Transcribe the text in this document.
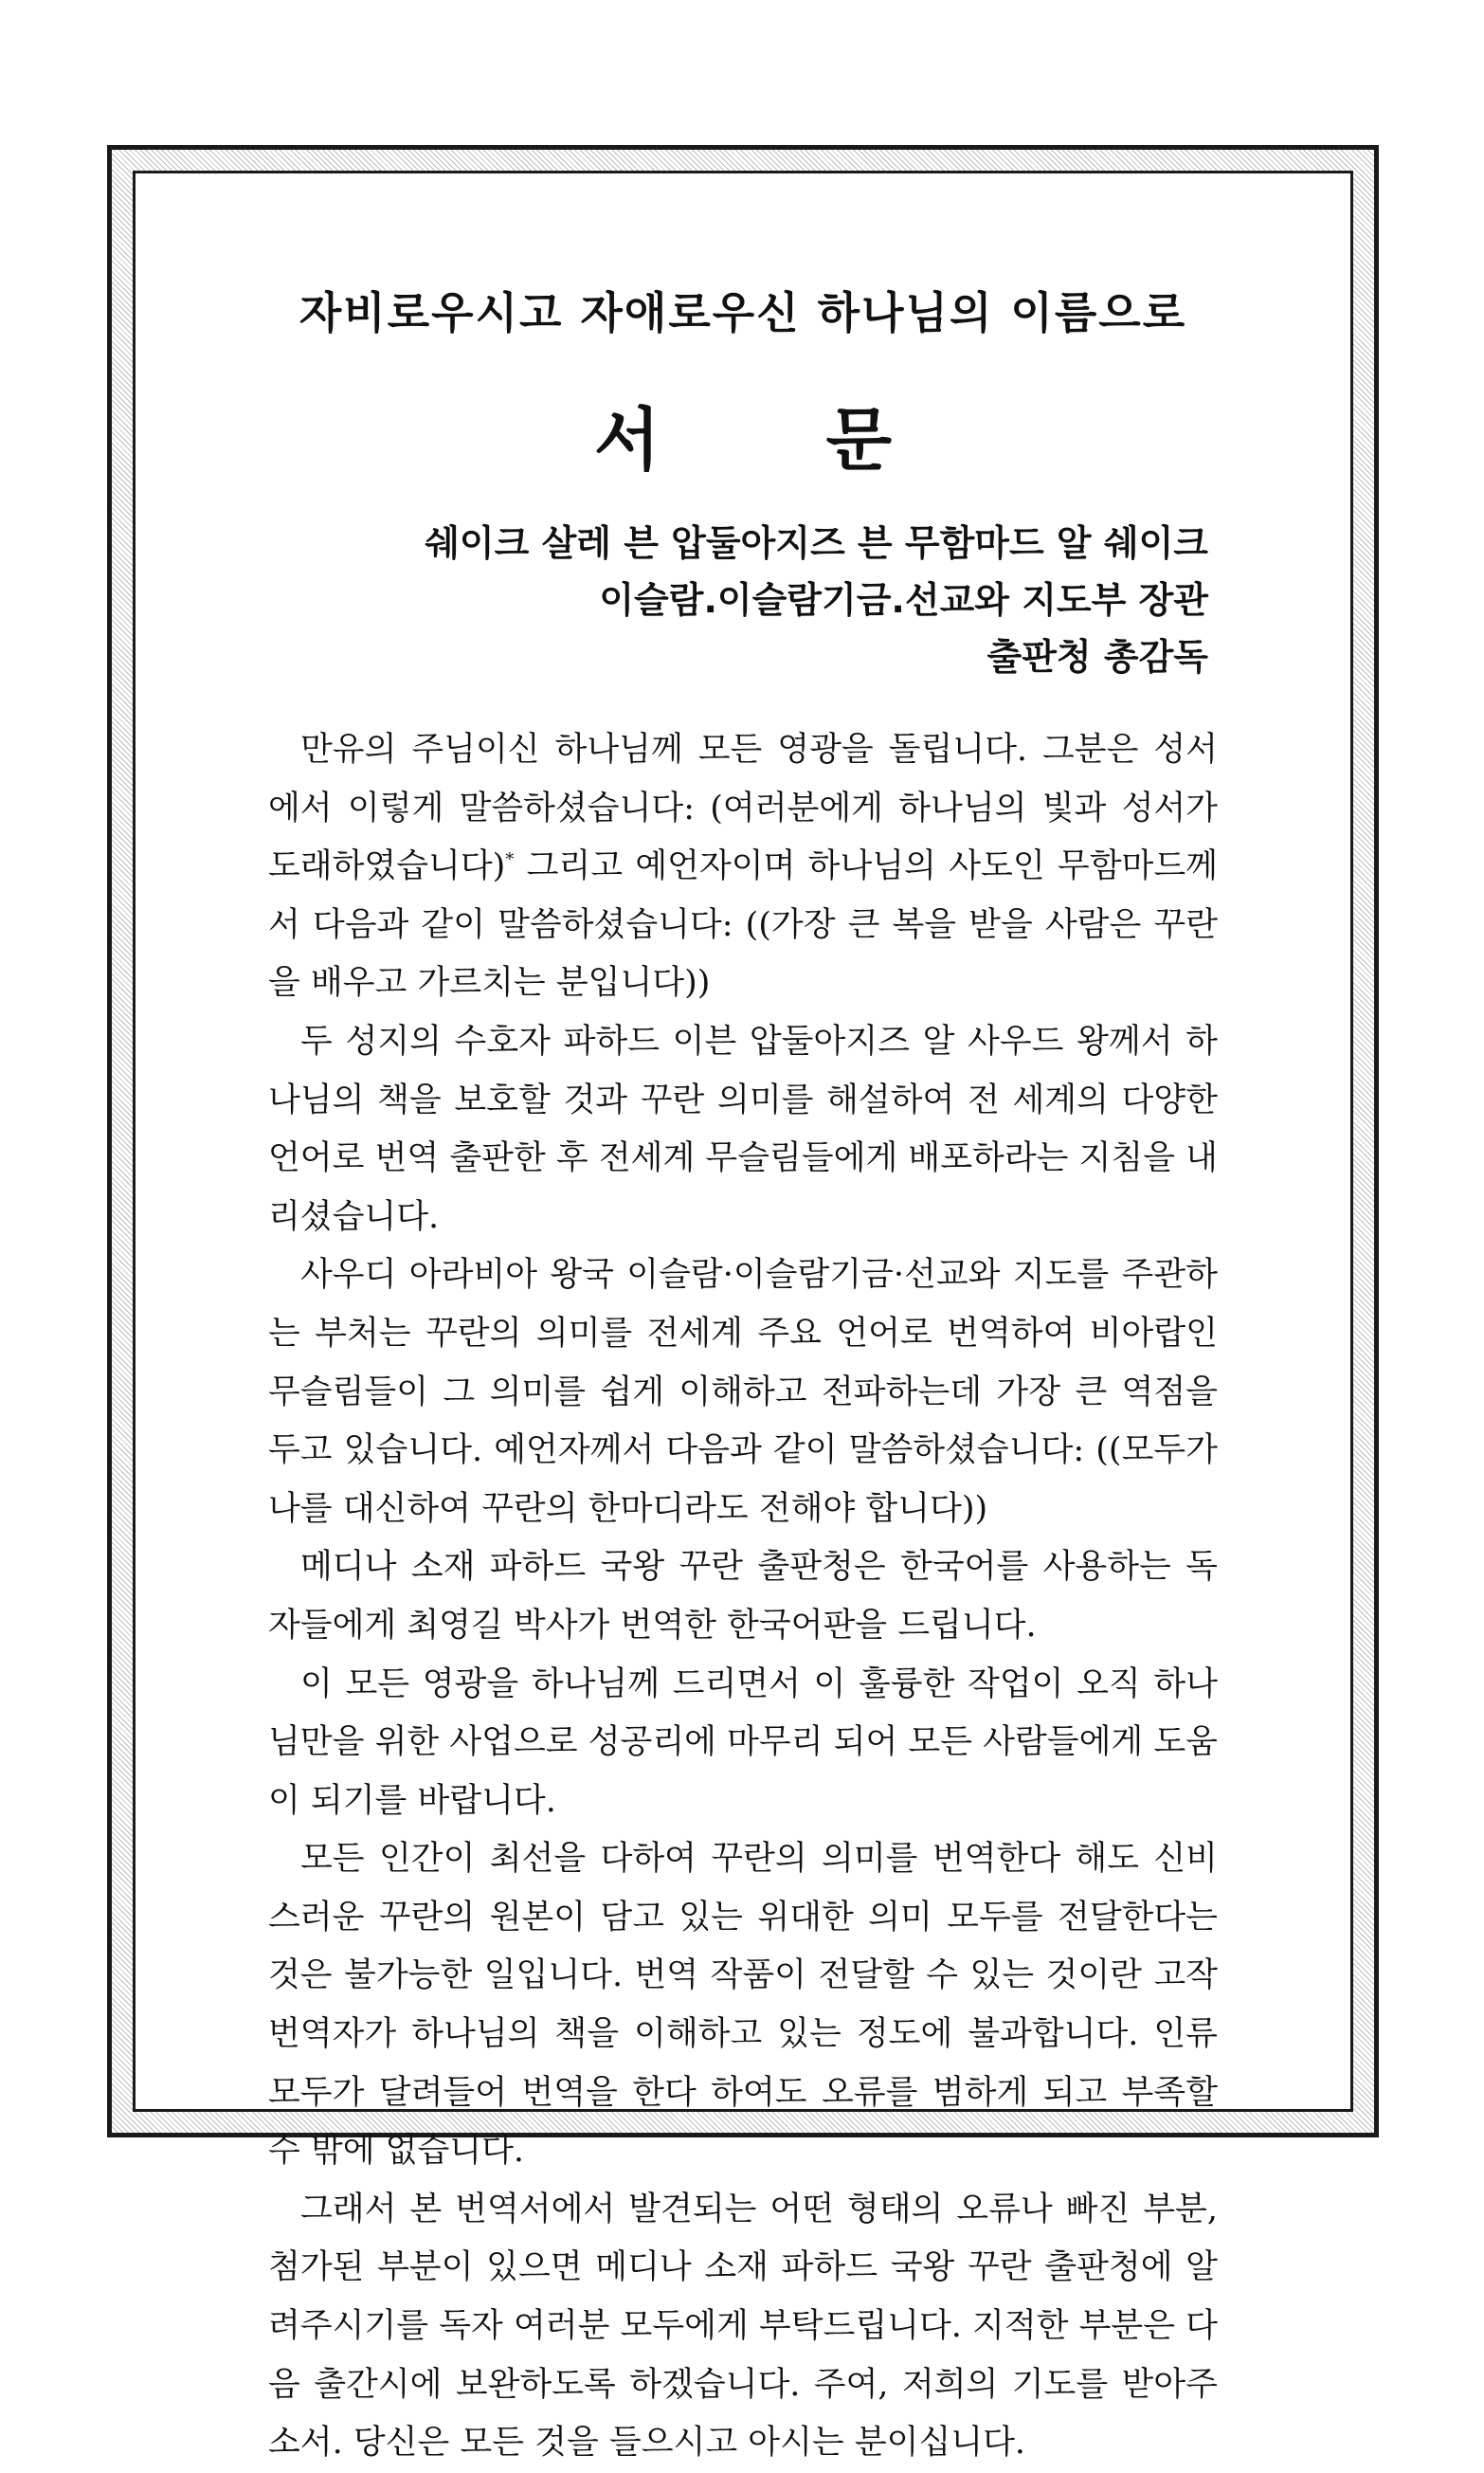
자비로우시고 자애로우신 하나님의 이름으로
서 문
쉐이크 살레 븐 압둘아지즈 븐 무함마드 알 쉐이크
이슬람.이슬람기금.선교와 지도부 장관
출판청 총감독

만유의 주님이신 하나님께 모든 영광을 돌립니다. 그분은 성서에서 이렇게 말씀하셨습니다: (여러분에게 하나님의 빛과 성서가 도래하였습니다)* 그리고 예언자이며 하나님의 사도인 무함마드께서 다음과 같이 말씀하셨습니다: ((가장 큰 복을 받을 사람은 꾸란을 배우고 가르치는 분입니다))

두 성지의 수호자 파하드 이븐 압둘아지즈 알 사우드 왕께서 하나님의 책을 보호할 것과 꾸란 의미를 해설하여 전 세계의 다양한 언어로 번역 출판한 후 전세계 무슬림들에게 배포하라는 지침을 내리셨습니다.

사우디 아라비아 왕국 이슬람·이슬람기금·선교와 지도를 주관하는 부처는 꾸란의 의미를 전세계 주요 언어로 번역하여 비아랍인 무슬림들이 그 의미를 쉽게 이해하고 전파하는데 가장 큰 역점을 두고 있습니다. 예언자께서 다음과 같이 말씀하셨습니다: ((모두가 나를 대신하여 꾸란의 한마디라도 전해야 합니다))

메디나 소재 파하드 국왕 꾸란 출판청은 한국어를 사용하는 독자들에게 최영길 박사가 번역한 한국어판을 드립니다.

이 모든 영광을 하나님께 드리면서 이 훌륭한 작업이 오직 하나님만을 위한 사업으로 성공리에 마무리 되어 모든 사람들에게 도움이 되기를 바랍니다.

모든 인간이 최선을 다하여 꾸란의 의미를 번역한다 해도 신비스러운 꾸란의 원본이 담고 있는 위대한 의미 모두를 전달한다는 것은 불가능한 일입니다. 번역 작품이 전달할 수 있는 것이란 고작 번역자가 하나님의 책을 이해하고 있는 정도에 불과합니다. 인류 모두가 달려들어 번역을 한다 하여도 오류를 범하게 되고 부족할 수 밖에 없습니다.

그래서 본 번역서에서 발견되는 어떤 형태의 오류나 빠진 부분, 첨가된 부분이 있으면 메디나 소재 파하드 국왕 꾸란 출판청에 알려주시기를 독자 여러분 모두에게 부탁드립니다. 지적한 부분은 다음 출간시에 보완하도록 하겠습니다. 주여, 저희의 기도를 받아주소서. 당신은 모든 것을 들으시고 아시는 분이십니다.
